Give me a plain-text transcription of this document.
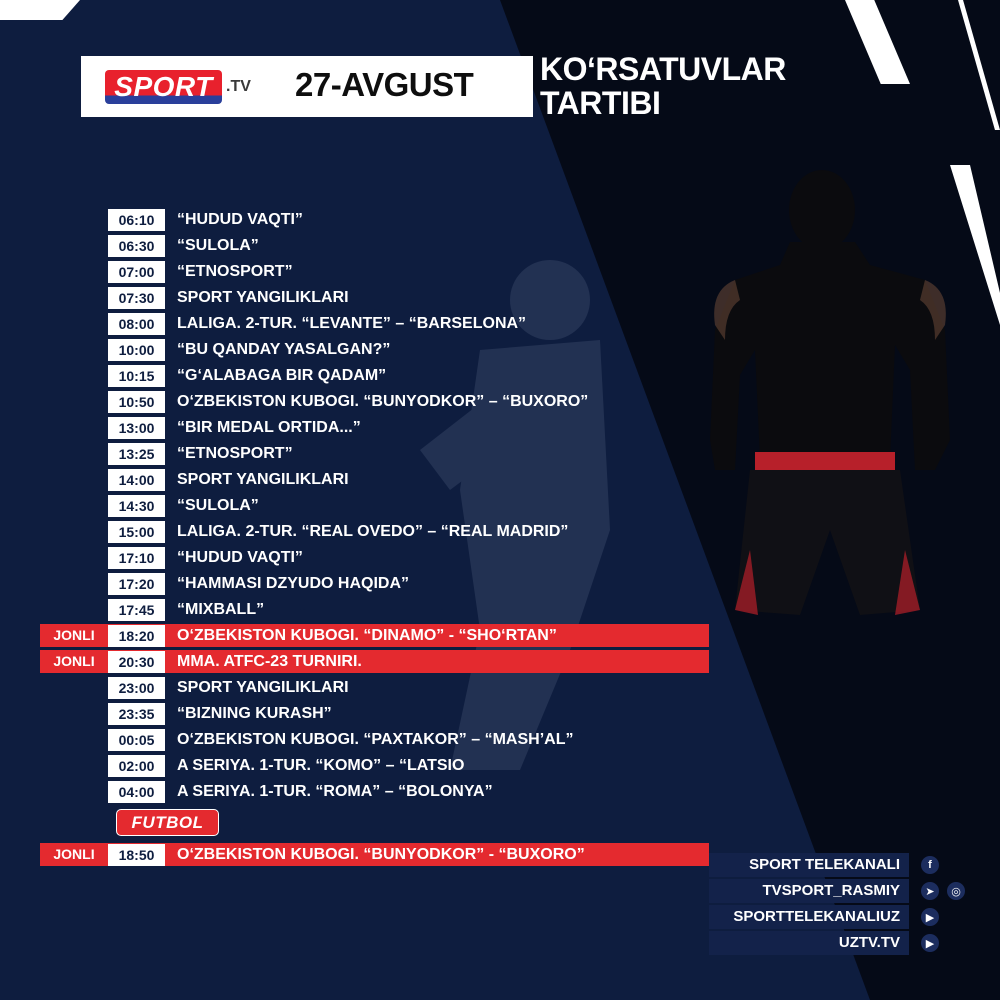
SPORT .TV 27-AVGUST KO‘RSATUVLAR
TARTIBI
06:10	“HUDUD VAQTI”
06:30	“SULOLA”
07:00	“ETNOSPORT”
07:30	SPORT YANGILIKLARI
08:00	LALIGA. 2-TUR. “LEVANTE” – “BARSELONA”
10:00	“BU QANDAY YASALGAN?”
10:15	“G‘ALABAGA BIR QADAM”
10:50	O‘ZBEKISTON KUBOGI. “BUNYODKOR” – “BUXORO”
13:00	“BIR MEDAL ORTIDA...”
13:25	“ETNOSPORT”
14:00	SPORT YANGILIKLARI
14:30	“SULOLA”
15:00	LALIGA. 2-TUR. “REAL OVEDO” – “REAL MADRID”
17:10	“HUDUD VAQTI”
17:20	“HAMMASI DZYUDO HAQIDA”
17:45	“MIXBALL”
JONLI	18:20	O‘ZBEKISTON KUBOGI. “DINAMO” - “SHO‘RTAN”
JONLI	20:30	MMA. ATFC-23 TURNIRI.
23:00	SPORT YANGILIKLARI
23:35	“BIZNING KURASH”
00:05	O‘ZBEKISTON KUBOGI. “PAXTAKOR” – “MASH’AL”
02:00	A SERIYA. 1-TUR. “KOMO” – “LATSIO
04:00	A SERIYA. 1-TUR. “ROMA” – “BOLONYA”
FUTBOL
JONLI	18:50	O‘ZBEKISTON KUBOGI. “BUNYODKOR” - “BUXORO”
SPORT TELEKANALI	f
TVSPORT_RASMIY	➤	◎
SPORTTELEKANALIUZ	▶
UZTV.TV	▶
